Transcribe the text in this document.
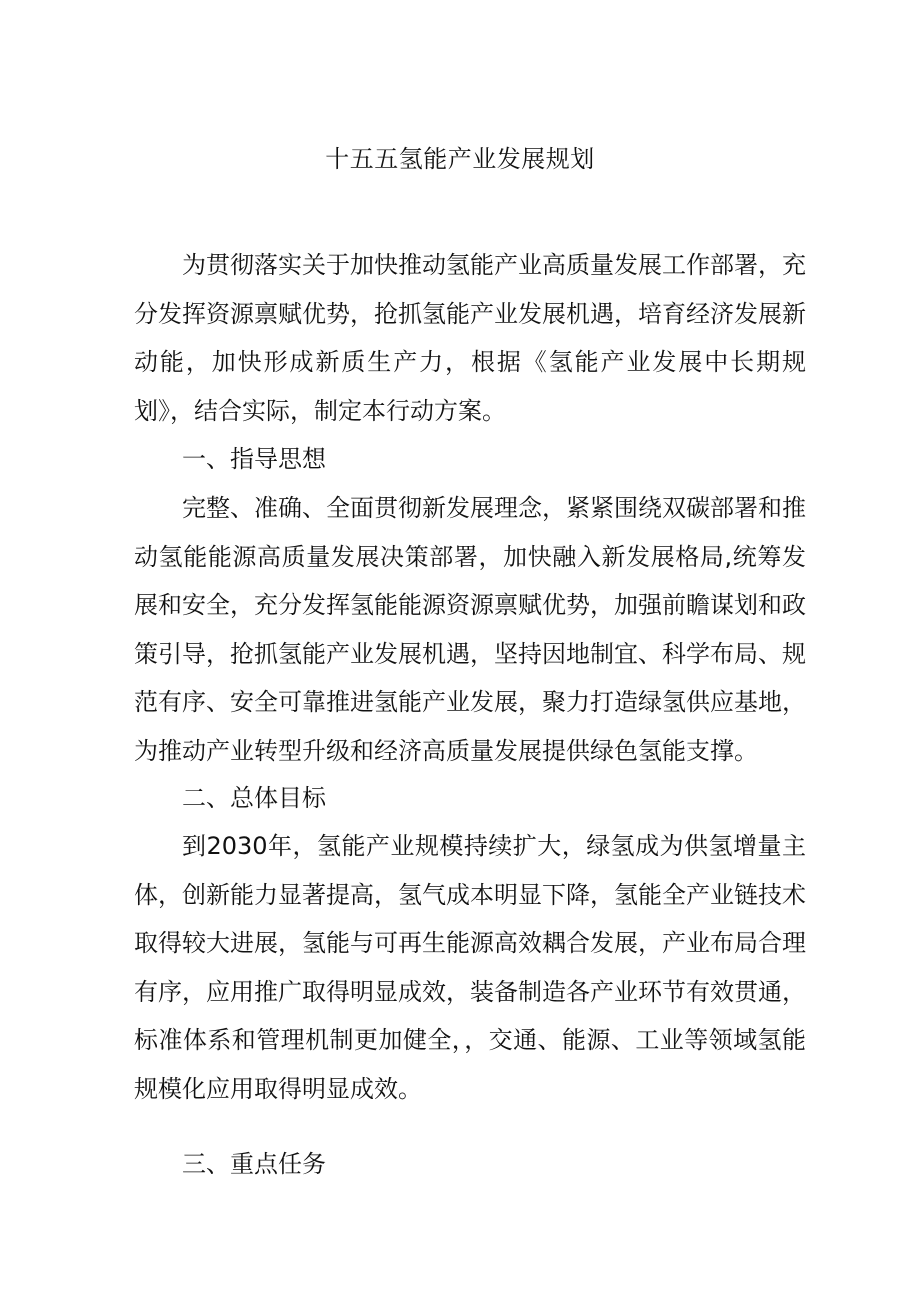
十五五氢能产业发展规划

为贯彻落实关于加快推动氢能产业高质量发展工作部署，充分发挥资源禀赋优势，抢抓氢能产业发展机遇，培育经济发展新动能，加快形成新质生产力，根据《氢能产业发展中长期规划》，结合实际，制定本行动方案。

一、指导思想

完整、准确、全面贯彻新发展理念，紧紧围绕双碳部署和推动氢能能源高质量发展决策部署，加快融入新发展格局,统筹发展和安全，充分发挥氢能能源资源禀赋优势，加强前瞻谋划和政策引导，抢抓氢能产业发展机遇，坚持因地制宜、科学布局、规范有序、安全可靠推进氢能产业发展，聚力打造绿氢供应基地，为推动产业转型升级和经济高质量发展提供绿色氢能支撑。

二、总体目标

到2030年，氢能产业规模持续扩大，绿氢成为供氢增量主体，创新能力显著提高，氢气成本明显下降，氢能全产业链技术取得较大进展，氢能与可再生能源高效耦合发展，产业布局合理有序，应用推广取得明显成效，装备制造各产业环节有效贯通，标准体系和管理机制更加健全，，交通、能源、工业等领域氢能规模化应用取得明显成效。

三、重点任务
